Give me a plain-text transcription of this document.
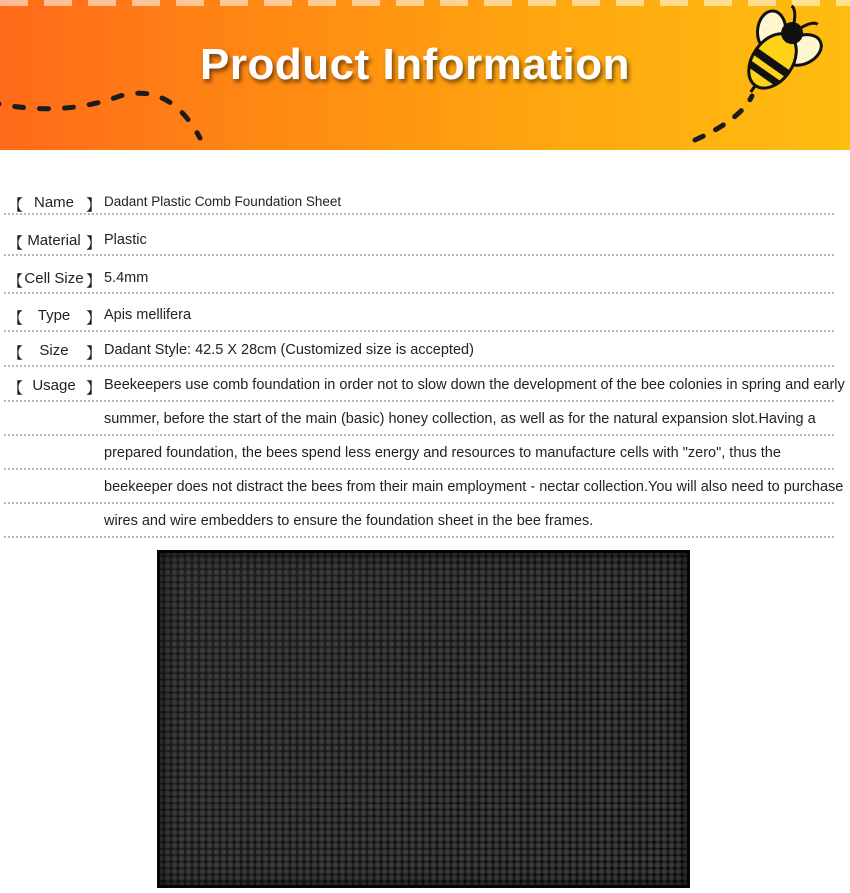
Product Information
【 Name 】 Dadant Plastic Comb Foundation Sheet
【 Material 】 Plastic
【 Cell Size 】 5.4mm
【 Type	】 Apis mellifera
【	Size	】 Dadant Style: 42.5 X 28cm (Customized size is accepted)
【 Usage 】 Beekeepers use comb foundation in order not to slow down the development of the bee colonies in spring and early
summer, before the start of the main (basic) honey collection, as well as for the natural expansion slot.Having a
prepared foundation, the bees spend less energy and resources to manufacture cells with "zero", thus the
beekeeper does not distract the bees from their main employment - nectar collection.You will also need to purchase
wires and wire embedders to ensure the foundation sheet in the bee frames.
